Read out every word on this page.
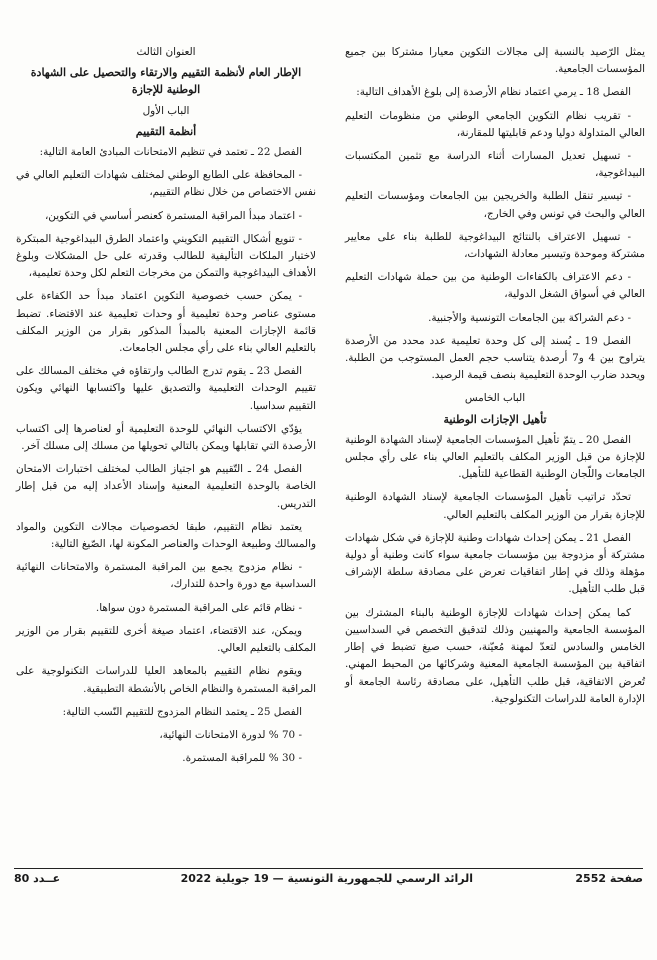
يمثل الرّصيد بالنسبة إلى مجالات التكوين معيارا مشتركا بين جميع المؤسسات الجامعية.

الفصل 18 ـ يرمي اعتماد نظام الأرصدة إلى بلوغ الأهداف التالية:

- تقريب نظام التكوين الجامعي الوطني من منظومات التعليم العالي المتداولة دوليا ودعم قابليتها للمقارنة،

- تسهيل تعديل المسارات أثناء الدراسة مع تثمين المكتسبات البيداغوجية،

- تيسير تنقل الطلبة والخريجين بين الجامعات ومؤسسات التعليم العالي والبحث في تونس وفي الخارج،

- تسهيل الاعتراف بالنتائج البيداغوجية للطلبة بناء على معايير مشتركة وموحدة وتيسير معادلة الشهادات،

- دعم الاعتراف بالكفاءات الوطنية من بين حملة شهادات التعليم العالي في أسواق الشغل الدولية،

- دعم الشراكة بين الجامعات التونسية والأجنبية.

الفصل 19 ـ يُسند إلى كل وحدة تعليمية عدد محدد من الأرصدة يتراوح بين 4 و7 أرصدة يتناسب حجم العمل المستوجب من الطلبة. ويحدد ضارب الوحدة التعليمية بنصف قيمة الرصيد.

الباب الخامس

تأهيل الإجازات الوطنية

الفصل 20 ـ يتمّ تأهيل المؤسسات الجامعية لإسناد الشهادة الوطنية للإجازة من قبل الوزير المكلف بالتعليم العالي بناء على رأي مجلس الجامعات واللّجان الوطنية القطاعية للتأهيل.

تحدّد تراتيب تأهيل المؤسسات الجامعية لإسناد الشهادة الوطنية للإجازة بقرار من الوزير المكلف بالتعليم العالي.

الفصل 21 ـ يمكن إحداث شهادات وطنية للإجازة في شكل شهادات مشتركة أو مزدوجة بين مؤسسات جامعية سواء كانت وطنية أو دولية مؤهلة وذلك في إطار اتفاقيات تعرض على مصادقة سلطة الإشراف قبل طلب التأهيل.

كما يمكن إحداث شهادات للإجازة الوطنية بالبناء المشترك بين المؤسسة الجامعية والمهنيين وذلك لتدقيق التخصص في السداسيين الخامس والسادس لتعدّ لمهنة مُعيّنة، حسب صيغ تضبط في إطار اتفاقية بين المؤسسة الجامعية المعنية وشركائها من المحيط المهني. تُعرض الاتفاقية، قبل طلب التأهيل، على مصادقة رئاسة الجامعة أو الإدارة العامة للدراسات التكنولوجية.

العنوان الثالث

الإطار العام لأنظمة التقييم والارتقاء والتحصيل على الشهادة الوطنية للإجازة

الباب الأول

أنظمة التقييم

الفصل 22 ـ تعتمد في تنظيم الامتحانات المبادئ العامة التالية:

- المحافظة على الطابع الوطني لمختلف شهادات التعليم العالي في نفس الاختصاص من خلال نظام التقييم،

- اعتماد مبدأ المراقبة المستمرة كعنصر أساسي في التكوين،

- تنويع أشكال التقييم التكويني واعتماد الطرق البيداغوجية المبتكرة لاختبار الملكات التأليفية للطالب وقدرته على حل المشكلات وبلوغ الأهداف البيداغوجية والتمكن من مخرجات التعلم لكل وحدة تعليمية،

- يمكن حسب خصوصية التكوين اعتماد مبدأ حد الكفاءة على مستوى عناصر وحدة تعليمية أو وحدات تعليمية عند الاقتضاء. تضبط قائمة الإجازات المعنية بالمبدأ المذكور بقرار من الوزير المكلف بالتعليم العالي بناء على رأي مجلس الجامعات.

الفصل 23 ـ يقوم تدرج الطالب وارتقاؤه في مختلف المسالك على تقييم الوحدات التعليمية والتصديق عليها واكتسابها النهائي ويكون التقييم سداسيا.

يؤدّي الاكتساب النهائي للوحدة التعليمية أو لعناصرها إلى اكتساب الأرصدة التي تقابلها ويمكن بالتالي تحويلها من مسلك إلى مسلك آخر.

الفصل 24 ـ التّقييم هو اجتياز الطالب لمختلف اختبارات الامتحان الخاصة بالوحدة التعليمية المعنية وإسناد الأعداد إليه من قبل إطار التدريس.

يعتمد نظام التقييم، طبقا لخصوصيات مجالات التكوين والمواد والمسالك وطبيعة الوحدات والعناصر المكونة لها، الصّيغ التالية:

- نظام مزدوج يجمع بين المراقبة المستمرة والامتحانات النهائية السداسية مع دورة واحدة للتدارك،

- نظام قائم على المراقبة المستمرة دون سواها.

ويمكن، عند الاقتضاء، اعتماد صيغة أخرى للتقييم بقرار من الوزير المكلف بالتعليم العالي.

ويقوم نظام التقييم بالمعاهد العليا للدراسات التكنولوجية على المراقبة المستمرة والنظام الخاص بالأنشطة التطبيقية.

الفصل 25 ـ يعتمد النظام المزدوج للتقييم النّسب التالية:

- 70 % لدورة الامتحانات النهائية،

- 30 % للمراقبة المستمرة.

صفحة 2552
الرائد الرسمي للجمهورية التونسية — 19 جويلية 2022
عــدد 80
